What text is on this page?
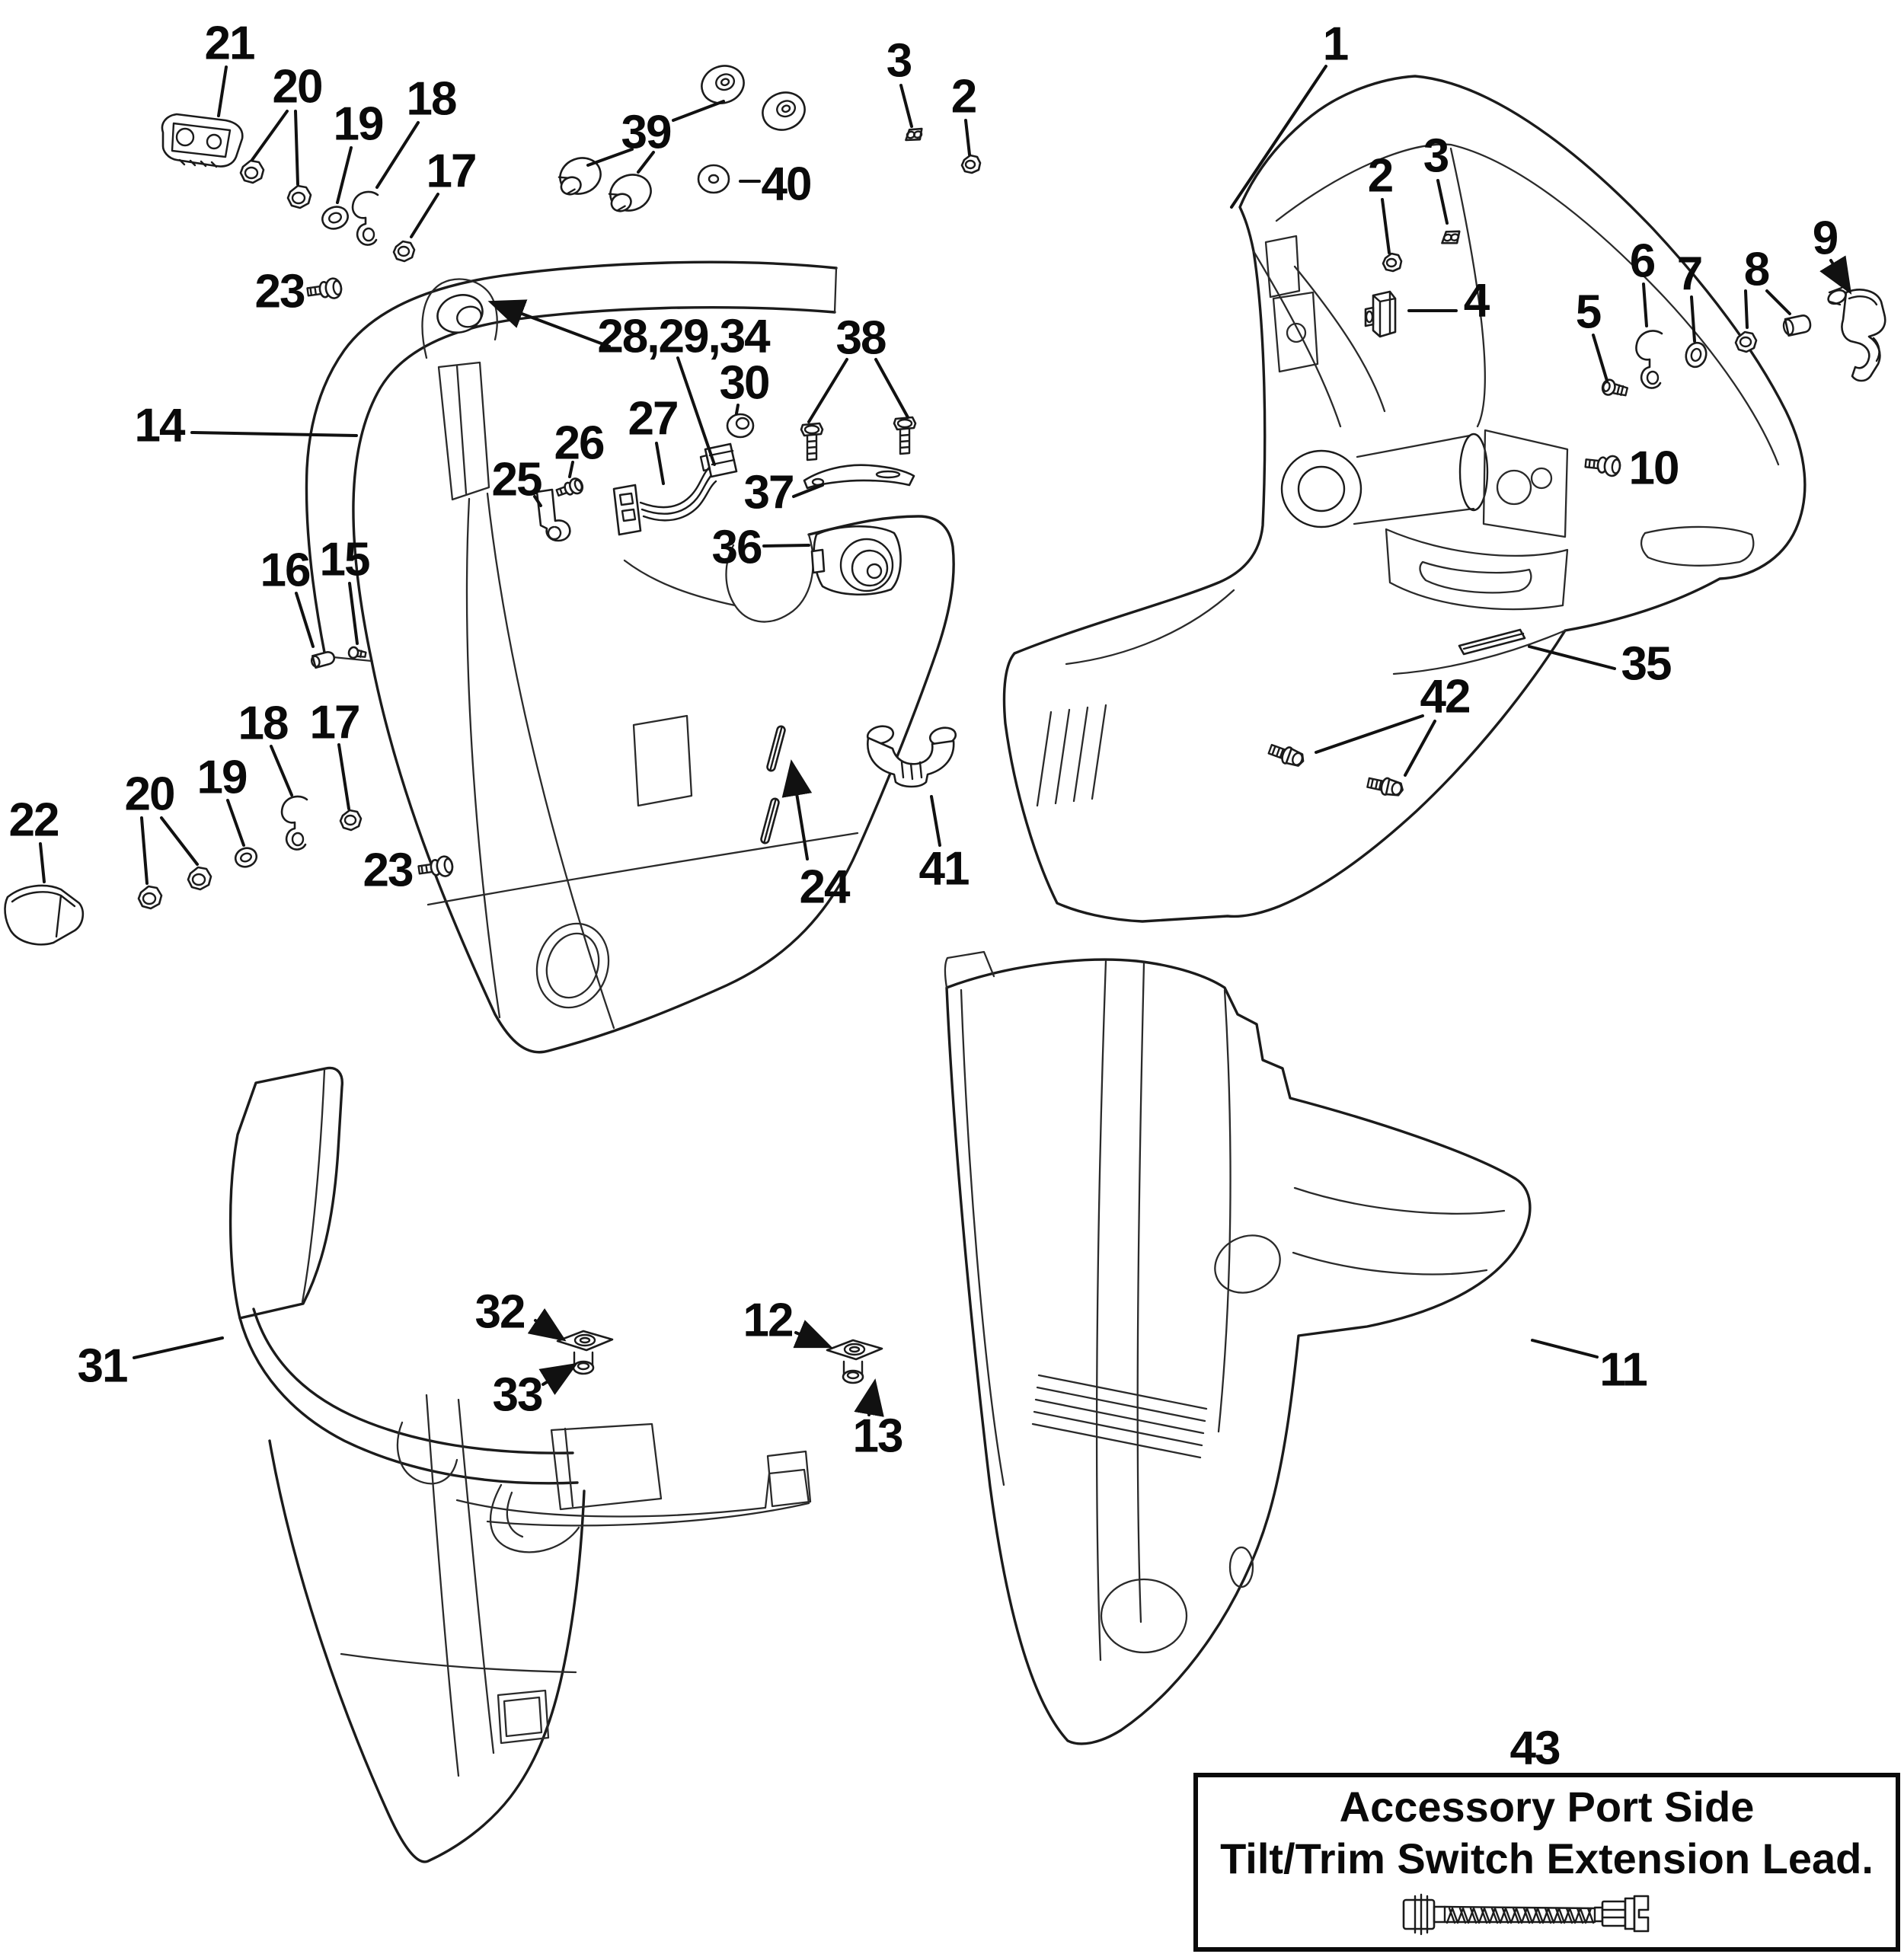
1
3
2
2 3
4 5
6 7 8
9
10
11
12
13
14
15
16
17
17
18
18
19
19
20
20
21
22
23
23	24
25
26 27
28,29,34
30
31
32
33
35
36
37
38
39
40
41
42
43
Accessory Port Side
Tilt/Trim Switch Extension Lead.
